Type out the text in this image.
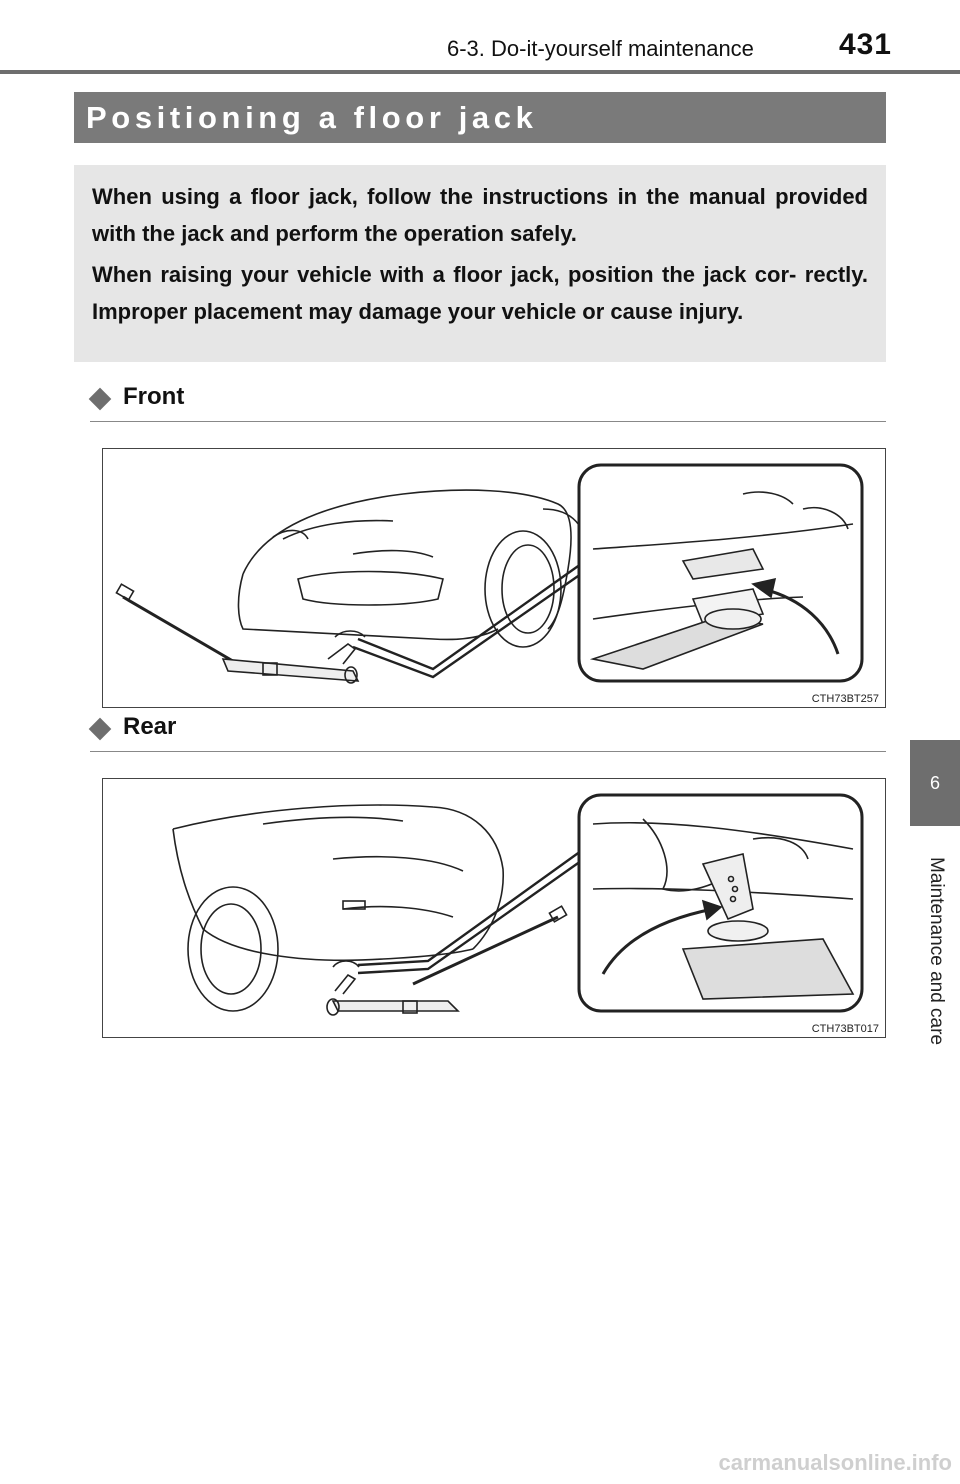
6-3. Do-it-yourself maintenance	431
6
Maintenance and care
Positioning a floor jack

When using a floor jack, follow the instructions in the manual provided with the jack and perform the operation safely.

When raising your vehicle with a floor jack, position the jack cor- rectly. Improper placement may damage your vehicle or cause injury.

Front
CTH73BT257
Rear
CTH73BT017
carmanualsonline.info
